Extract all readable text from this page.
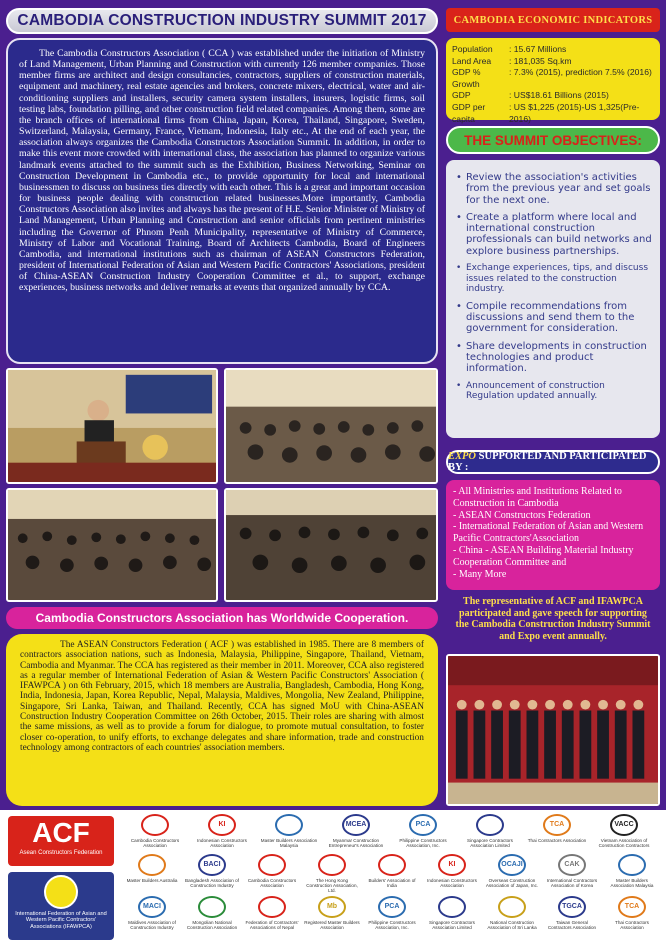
CAMBODIA CONSTRUCTION INDUSTRY SUMMIT 2017

The Cambodia Constructors Association ( CCA ) was established under the initiation of Ministry of Land Management, Urban Planning and Construction with currently 126 member companies. Those member firms are architect and design consultancies, contractors, suppliers of construction materials, equipment and machinery, real estate agencies and brokers, concrete mixers, electrical, water and air-conditioning suppliers and installers, security camera system installers, insurers, logistic firms, soil testing labs, foundation pilling, and other construction field related companies. Among them, some are the branch offices of international firms from China, Japan, Korea, Thailand, Singapore, Sweden, Switzerland, Malaysia, Germany, France, Vietnam, Indonesia, Italy etc., At the end of each year, the association always organizes the Cambodia Constructors Association Summit. In addition, in order to make this event more crowded with international class, the association has planned to organize various landmark events attached to the summit such as the Exhibition, Business Networking, Seminar on Construction Development in Cambodia etc., to provide opportunity for local and international businessmen to discuss on business ties directly with each other. This is a great and important occasion for business people dealing with construction related businesses.More importantly, Cambodia Constructors Association also invites and always has the present of H.E. Senior Minister of Ministry of Land Management, Urban Planning and Construction and senior officials from pertinent ministries including the Governor of Phnom Penh Municipality, representative of Ministry of Commerce, Ministry of Labor and Vocational Training, Board of Architects Cambodia, Board of Engineers Cambodia, and international institutions such as chairman of ASEAN Constructors Federation, president of International Federation of Asian and Western Pacific Contractors' Associations, president of China-ASEAN Construction Industry Cooperation Committee et al., to support, exchange experiences, business networks and deliver remarks at events that organized annually by CCA.

CAMBODIA ECONOMIC INDICATORS
Population	: 15.67 Millions
Land Area	: 181,035 Sq.km
GDP % Growth
: 7.3% (2015), prediction 7.5% (2016)
GDP	: US$18.61 Billions (2015)
GDP per capita
: US $1,225 (2015)-US 1,325(Pre-2016)
THE SUMMIT OBJECTIVES:
• Review the association's activities from the previous year and set goals for the next one.
• Create a platform where local and international construction professionals can build networks and explore business partnerships.
• Exchange experiences, tips, and discuss issues related to the construction industry.
• Compile recommendations from discussions and send them to the government for consideration.
• Share developments in construction technologies and product information.
• Announcement of construction Regulation updated annually.
EXPO SUPPORTED AND PARTICIPATED BY :
- All Ministries and Institutions Related to Construction in Cambodia
- ASEAN Constructors Federation
- International Federation of Asian and Western Pacific Contractors'Association
- China - ASEAN Building Material Industry Cooperation Committee and
- Many More
The representative of ACF and IFAWPCA participated and gave speech for supporting the Cambodia Construction Industry Summit and Expo event annually.
Cambodia Constructors Association has Worldwide Cooperation.

The ASEAN Constructors Federation ( ACF ) was established in 1985. There are 8 members of contractors association nations, such as Indonesia, Malaysia, Philippine, Singapore, Thailand, Vietnam, Cambodia and Myanmar. The CCA has registered as their member in 2011. Moreover, CCA also registered as a regular member of International Federation of Asian & Western Pacific Constructors' Association ( IFAWPCA ) on 6th February, 2015, which 18 members are Australia, Bangladesh, Cambodia, Hong Kong, India, Indonesia, Japan, Korea Republic, Nepal, Malaysia, Maldives, Mongolia, New Zealand, Philippine, Singapore, Sri Lanka, Taiwan, and Thailand. Recently, CCA has signed MoU with China-ASEAN Construction Industry Cooperation Committee on 26th October, 2015. Their roles are sharing with almost the same missions, as well as to provide a forum for dialogue, to promote mutual consultation, to foster closer co-operation, to unify efforts, to exchange delegates and share information, trade and construction technology among contractors of each countries' association members.

ACF
Asean Constructors Federation
International Federation of Asian and Western Pacific Contractors' Associations (IFAWPCA)
Cambodia Constructors Association
KI
Indonesian Constructors Association
Master Builders Association Malaysia
MCEA
Myanmar Construction Entrepreneur's Association
PCA
Philippine Constructors Association, Inc.
Singapore Contractors Association Limited
TCA
Thai Contractors Association
VACC
Vietnam Association of Construction Contractors
Master Builders Australia
BACI
Bangladesh Association of Construction Industry
Cambodia Constructors Association
The Hong Kong Construction Association, Ltd.
Builders' Association of India
KI
Indonesian Constructors Association
OCAJI
Overseas Construction Association of Japan, Inc.
CAK
International Contractors Association of Korea
Master Builders Association Malaysia
MACI
Maldives Association of Construction Industry
Mongolian National Construction Association
Federation of Contractors' Associations of Nepal
Mb
Registered Master Builders Association
PCA
Philippine Constructors Association, Inc.
Singapore Contractors Association Limited
National Construction Association of Sri Lanka
TGCA
Taiwan General Contractors Association
TCA
Thai Contractors Association
